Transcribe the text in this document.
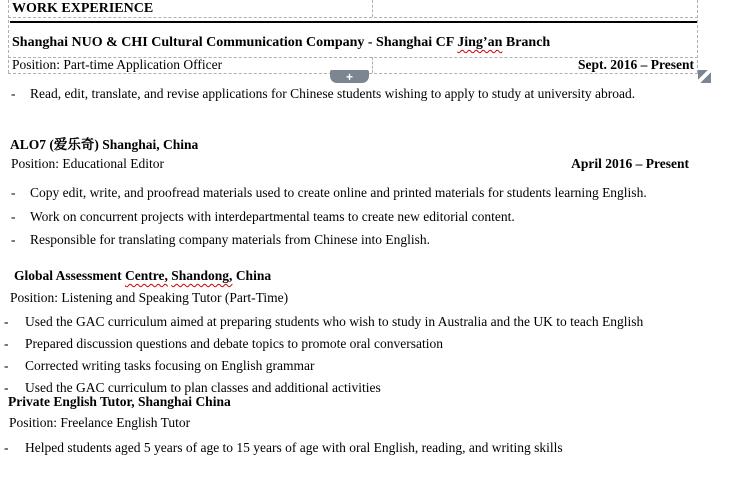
WORK EXPERIENCE
Shanghai NUO & CHI Cultural Communication Company - Shanghai CF Jing’an Branch
Position: Part-time Application Officer	Sept. 2016 – Present
+
- Read, edit, translate, and revise applications for Chinese students wishing to apply to study at university abroad.
ALO7 (爱乐奇) Shanghai, China
April 2016 – Present
Position: Educational Editor
- Copy edit, write, and proofread materials used to create online and printed materials for students learning English.
- Work on concurrent projects with interdepartmental teams to create new editorial content.
- Responsible for translating company materials from Chinese into English.
Global Assessment Centre, Shandong, China
Position: Listening and Speaking Tutor (Part-Time)
- Used the GAC curriculum aimed at preparing students who wish to study in Australia and the UK to teach English
- Prepared discussion questions and debate topics to promote oral conversation
- Corrected writing tasks focusing on English grammar
- Used the GAC curriculum to plan classes and additional activities
Private English Tutor, Shanghai China
Position: Freelance English Tutor
- Helped students aged 5 years of age to 15 years of age with oral English, reading, and writing skills
